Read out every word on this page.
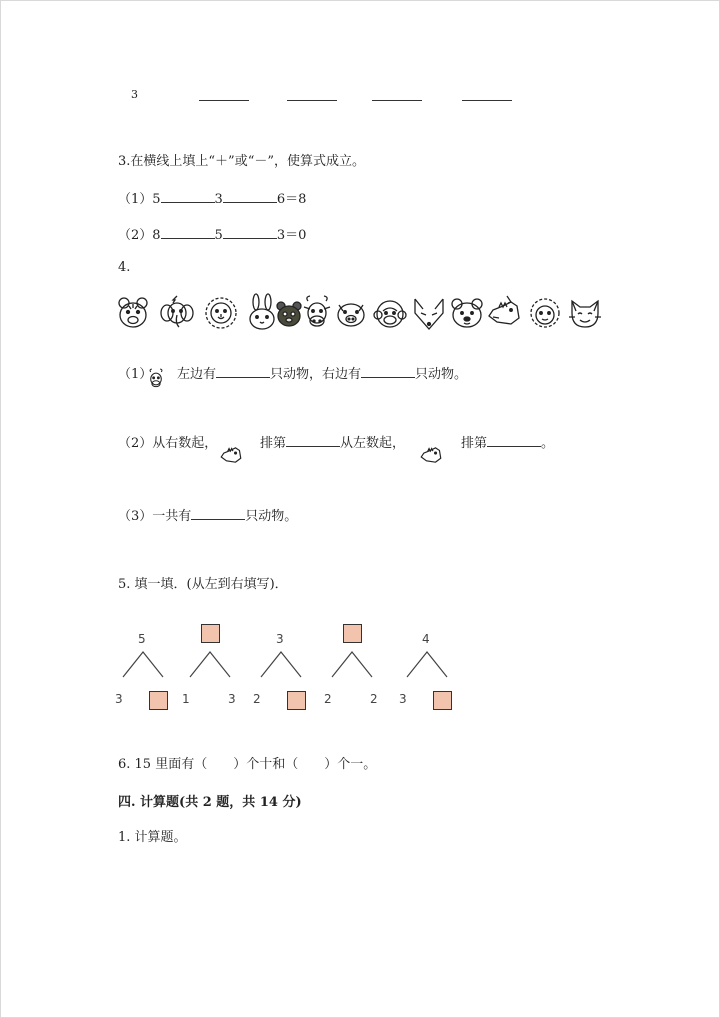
3

3.在横线上填上“＋”或“－”，使算式成立。
（1）5	3	6＝8
（2）8	5	3＝0
4.
（1） 左边有	只动物，右边有	只动物。
（2）从右数起，	排第	从左数起，	排第	。
（3）一共有	只动物。
5. 填一填．(从左到右填写)．
5
3	1	3
3
2	2	2
4
3
6. 15 里面有（　　）个十和（　　）个一。
四. 计算题(共 2 题，共 14 分)
1. 计算题。
